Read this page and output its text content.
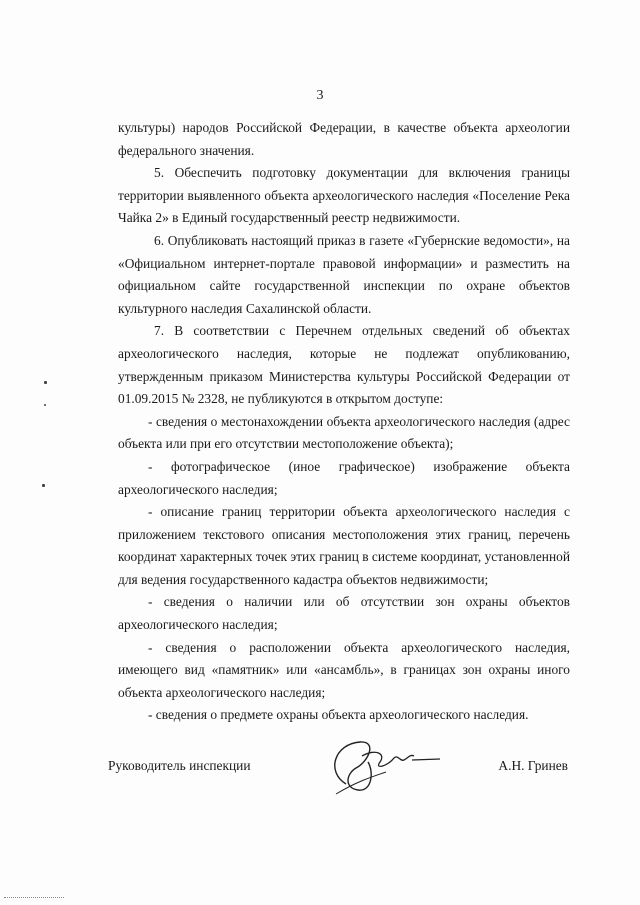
3

культуры) народов Российской Федерации, в качестве объекта археологии федерального значения.

5. Обеспечить подготовку документации для включения границы территории выявленного объекта археологического наследия «Поселение Река Чайка 2» в Единый государственный реестр недвижимости.

6. Опубликовать настоящий приказ в газете «Губернские ведомости», на «Официальном интернет-портале правовой информации» и разместить на официальном сайте государственной инспекции по охране объектов культурного наследия Сахалинской области.

7. В соответствии с Перечнем отдельных сведений об объектах археологического наследия, которые не подлежат опубликованию, утвержденным приказом Министерства культуры Российской Федерации от 01.09.2015 № 2328, не публикуются в открытом доступе:

- сведения о местонахождении объекта археологического наследия (адрес объекта или при его отсутствии местоположение объекта);

- фотографическое (иное графическое) изображение объекта археологического наследия;

- описание границ территории объекта археологического наследия с приложением текстового описания местоположения этих границ, перечень координат характерных точек этих границ в системе координат, установленной для ведения государственного кадастра объектов недвижимости;

- сведения о наличии или об отсутствии зон охраны объектов археологического наследия;

- сведения о расположении объекта археологического наследия, имеющего вид «памятник» или «ансамбль», в границах зон охраны иного объекта археологического наследия;

- сведения о предмете охраны объекта археологического наследия.

Руководитель инспекции	А.Н. Гринев
